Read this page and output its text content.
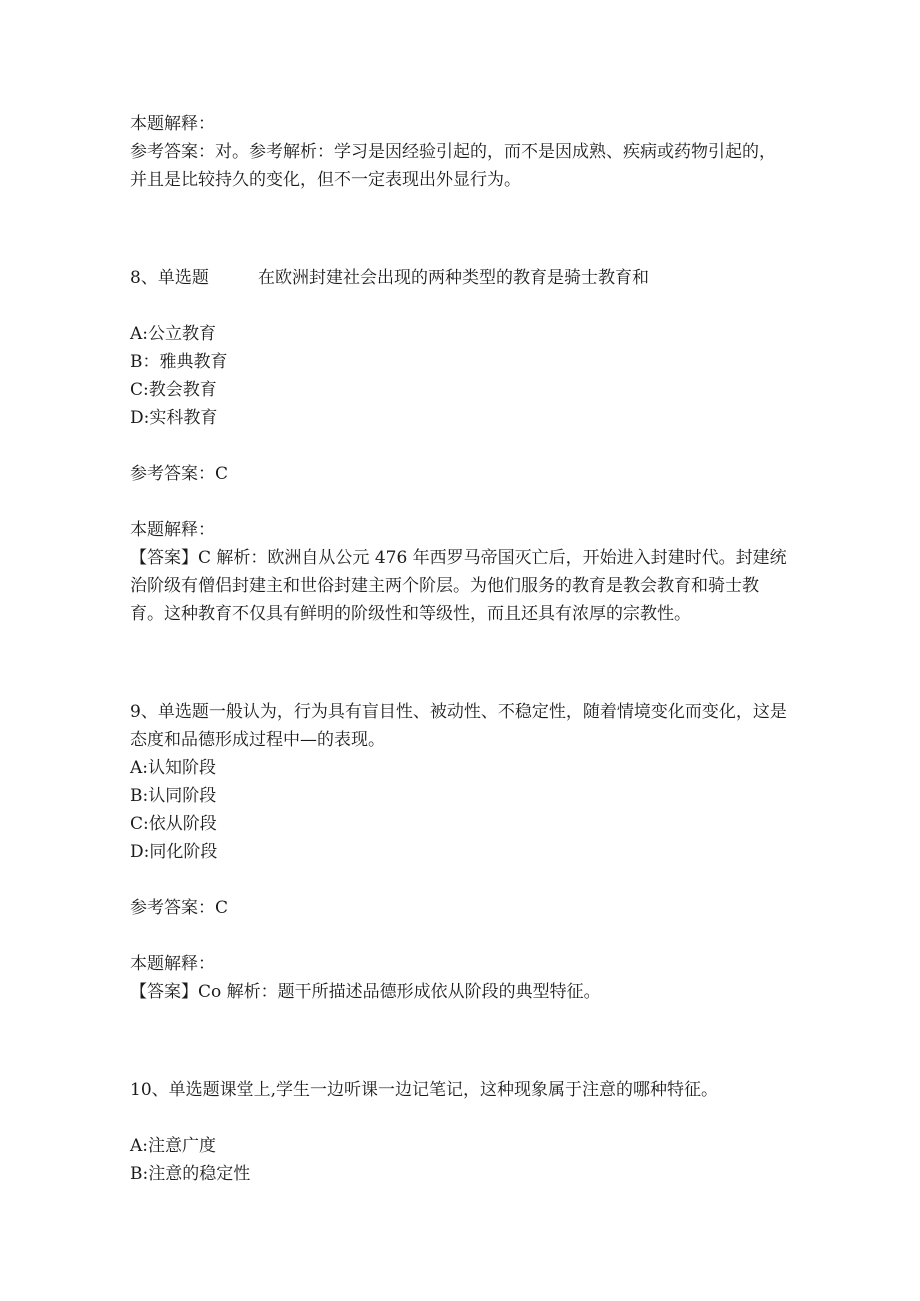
本题解释：

参考答案：对。参考解析：学习是因经验引起的，而不是因成熟、疾病或药物引起的，并且是比较持久的变化，但不一定表现出外显行为。

8、单选题	在欧洲封建社会出现的两种类型的教育是骑士教育和

A:公立教育

B：雅典教育

C:教会教育

D:实科教育

参考答案：C

本题解释：

【答案】C 解析：欧洲自从公元 476 年西罗马帝国灭亡后，开始进入封建时代。封建统治阶级有僧侣封建主和世俗封建主两个阶层。为他们服务的教育是教会教育和骑士教育。这种教育不仅具有鲜明的阶级性和等级性，而且还具有浓厚的宗教性。

9、单选题一般认为，行为具有盲目性、被动性、不稳定性，随着情境变化而变化，这是态度和品德形成过程中—的表现。

A:认知阶段

B:认同阶段

C:依从阶段

D:同化阶段

参考答案：C

本题解释：

【答案】Co 解析：题干所描述品德形成依从阶段的典型特征。

10、单选题课堂上,学生一边听课一边记笔记，这种现象属于注意的哪种特征。

A:注意广度

B:注意的稳定性
